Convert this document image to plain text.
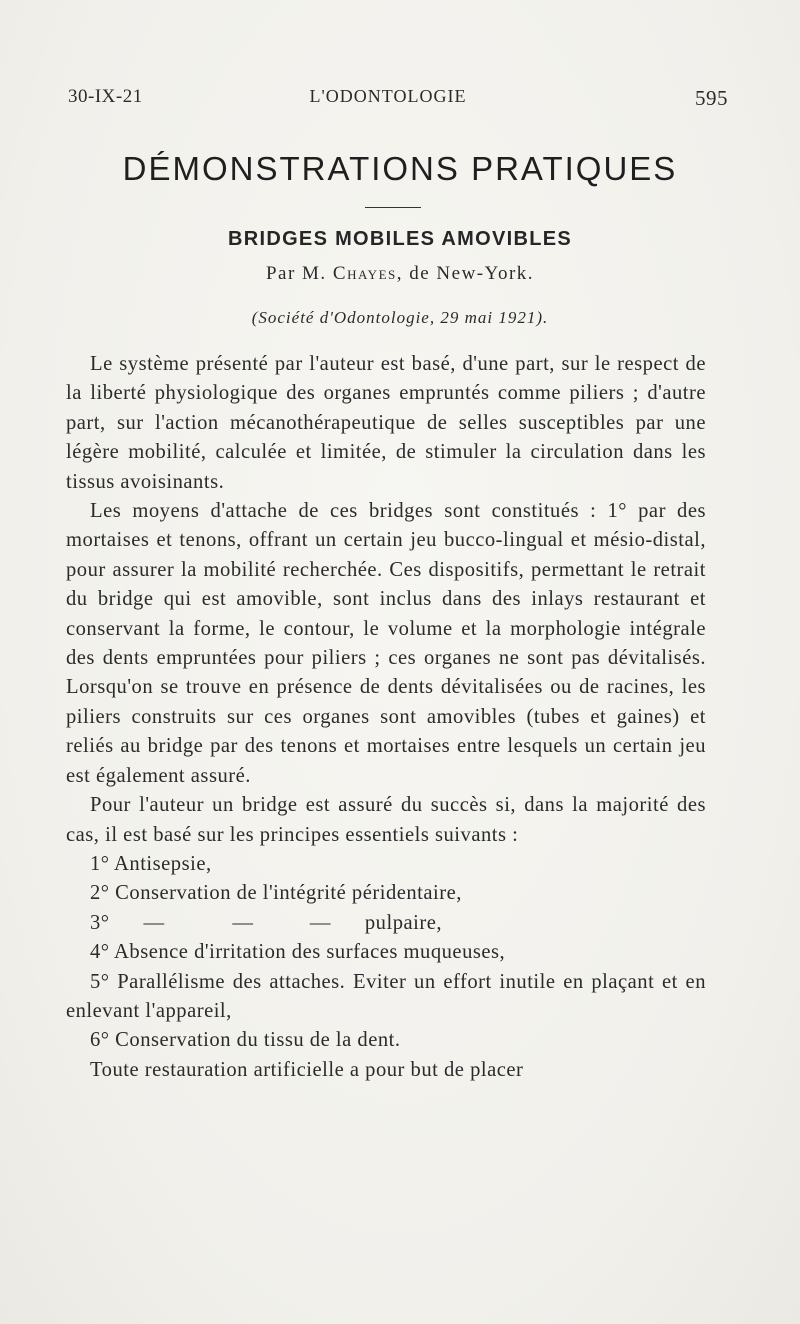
30-IX-21	L'ODONTOLOGIE	595
DÉMONSTRATIONS PRATIQUES
BRIDGES MOBILES AMOVIBLES
Par M. Chayes, de New-York.
(Société d'Odontologie, 29 mai 1921).

Le système présenté par l'auteur est basé, d'une part, sur le respect de la liberté physiologique des organes empruntés comme piliers ; d'autre part, sur l'action mécanothérapeutique de selles susceptibles par une légère mobilité, calculée et limitée, de stimuler la circulation dans les tissus avoisinants.

Les moyens d'attache de ces bridges sont constitués : 1° par des mortaises et tenons, offrant un certain jeu bucco-lingual et mésio-distal, pour assurer la mobilité recherchée. Ces dispositifs, permettant le retrait du bridge qui est amovible, sont inclus dans des inlays restaurant et conservant la forme, le contour, le volume et la morphologie intégrale des dents empruntées pour piliers ; ces organes ne sont pas dévitalisés. Lorsqu'on se trouve en présence de dents dévitalisées ou de racines, les piliers construits sur ces organes sont amovibles (tubes et gaines) et reliés au bridge par des tenons et mortaises entre lesquels un certain jeu est également assuré.

Pour l'auteur un bridge est assuré du succès si, dans la majorité des cas, il est basé sur les principes essentiels suivants :

1° Antisepsie,
2° Conservation de l'intégrité péridentaire,
3° —	—	— pulpaire,
4° Absence d'irritation des surfaces muqueuses,
5° Parallélisme des attaches. Eviter un effort inutile en plaçant et en enlevant l'appareil,
6° Conservation du tissu de la dent.

Toute restauration artificielle a pour but de placer
